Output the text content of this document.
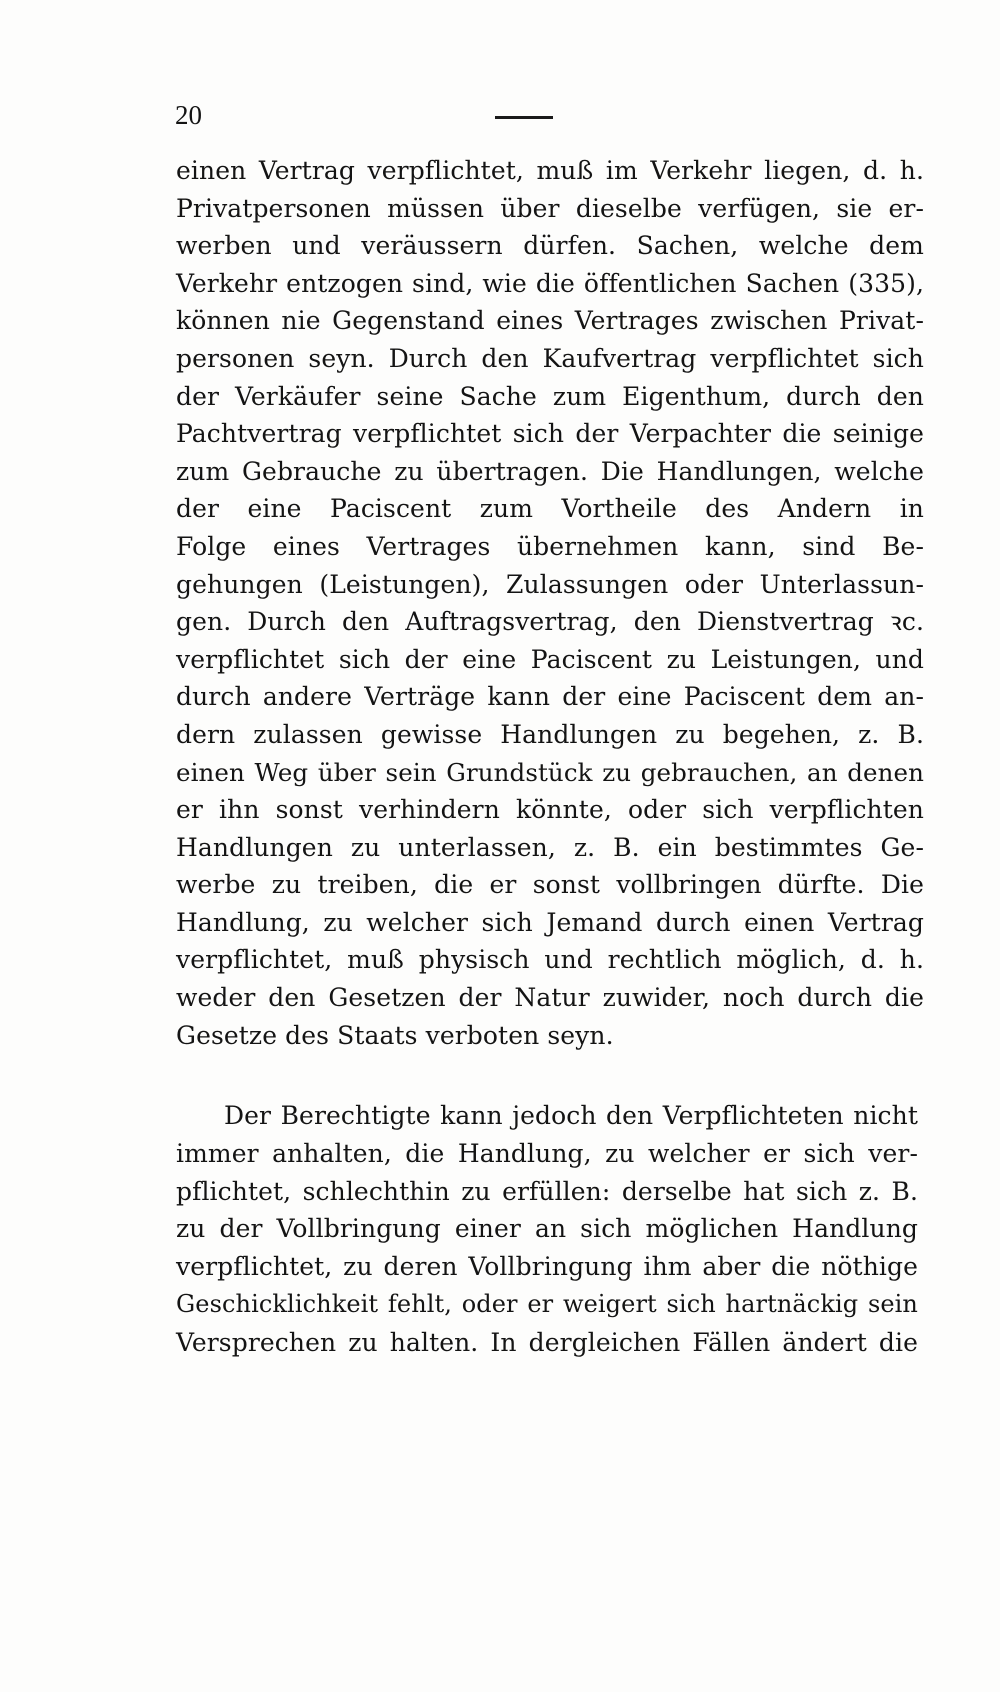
20
einen Vertrag verpflichtet, muß im Verkehr liegen, d. h.
Privatpersonen müssen über dieselbe verfügen, sie er-
werben und veräussern dürfen. Sachen, welche dem
Verkehr entzogen sind, wie die öffentlichen Sachen (335),
können nie Gegenstand eines Vertrages zwischen Privat-
personen seyn. Durch den Kaufvertrag verpflichtet sich
der Verkäufer seine Sache zum Eigenthum, durch den
Pachtvertrag verpflichtet sich der Verpachter die seinige
zum Gebrauche zu übertragen. Die Handlungen, welche
der eine Paciscent zum Vortheile des Andern in
Folge eines Vertrages übernehmen kann, sind Be-
gehungen (Leistungen), Zulassungen oder Unterlassun-
gen. Durch den Auftragsvertrag, den Dienstvertrag ꝛc.
verpflichtet sich der eine Paciscent zu Leistungen, und
durch andere Verträge kann der eine Paciscent dem an-
dern zulassen gewisse Handlungen zu begehen, z. B.
einen Weg über sein Grundstück zu gebrauchen, an denen
er ihn sonst verhindern könnte, oder sich verpflichten
Handlungen zu unterlassen, z. B. ein bestimmtes Ge-
werbe zu treiben, die er sonst vollbringen dürfte. Die
Handlung, zu welcher sich Jemand durch einen Vertrag
verpflichtet, muß physisch und rechtlich möglich, d. h.
weder den Gesetzen der Natur zuwider, noch durch die
Gesetze des Staats verboten seyn.
Der Berechtigte kann jedoch den Verpflichteten nicht
immer anhalten, die Handlung, zu welcher er sich ver-
pflichtet, schlechthin zu erfüllen: derselbe hat sich z. B.
zu der Vollbringung einer an sich möglichen Handlung
verpflichtet, zu deren Vollbringung ihm aber die nöthige
Geschicklichkeit fehlt, oder er weigert sich hartnäckig sein
Versprechen zu halten. In dergleichen Fällen ändert die
